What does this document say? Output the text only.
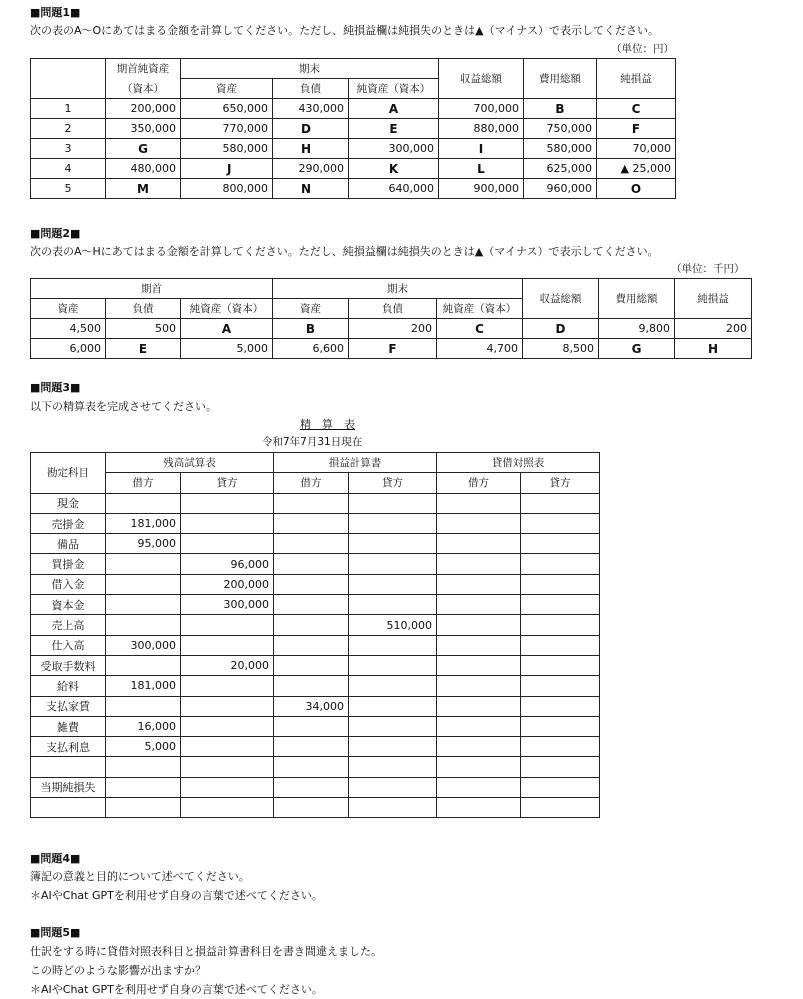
■問題1■
次の表のA〜Oにあてはまる金額を計算してください。ただし、純損益欄は純損失のときは▲（マイナス）で表示してください。
（単位：円）
	期首純資産	期末			収益総額	費用総額	純損益
	（資本）	資産	負債	純資産（資本）			
1	200,000	650,000	430,000	A	700,000	B	C
2	350,000	770,000	D	E	880,000	750,000	F
3	G	580,000	H	300,000	I	580,000	70,000
4	480,000	J	290,000	K	L	625,000	▲ 25,000
5	M	800,000	N	640,000	900,000	960,000	O
■問題2■
次の表のA〜Hにあてはまる金額を計算してください。ただし、純損益欄は純損失のときは▲（マイナス）で表示してください。
（単位：千円）
期首			期末			収益総額	費用総額	純損益
資産	負債	純資産（資本）	資産	負債	純資産（資本）			
4,500	500	A	B	200	C	D	9,800	200
6,000	E	5,000	6,600	F	4,700	8,500	G	H
■問題3■
以下の精算表を完成させてください。
精　算　表
令和7年7月31日現在
勘定科目	残高試算表		損益計算書		貸借対照表	
	借方	貸方	借方	貸方	借方	貸方
現金						
売掛金	181,000					
備品	95,000					
買掛金		96,000				
借入金		200,000				
資本金		300,000				
売上高				510,000		
仕入高	300,000					
受取手数料		20,000				
給料	181,000					
支払家賃			34,000			
雑費	16,000					
支払利息	5,000					

当期純損失						

■問題4■
簿記の意義と目的について述べてください。
＊AIやChat GPTを利用せず自身の言葉で述べてください。
■問題5■
仕訳をする時に貸借対照表科目と損益計算書科目を書き間違えました。
この時どのような影響が出ますか？
＊AIやChat GPTを利用せず自身の言葉で述べてください。
